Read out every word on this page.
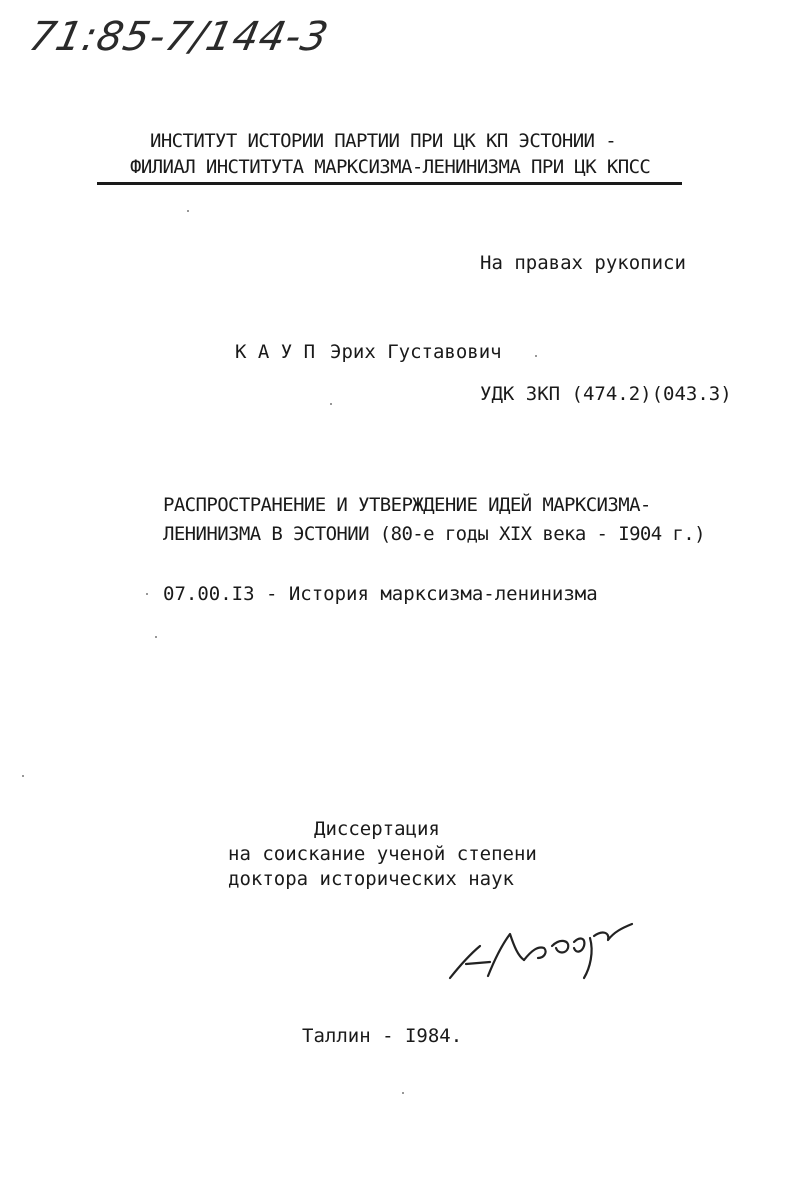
71:85-7/144-3
ИНСТИТУТ ИСТОРИИ ПАРТИИ ПРИ ЦК КП ЭСТОНИИ -
ФИЛИАЛ ИНСТИТУТА МАРКСИЗМА-ЛЕНИНИЗМА ПРИ ЦК КПСС
На правах рукописи
К А У П Эрих Густавович
УДК ЗКП (474.2)(043.3)
РАСПРОСТРАНЕНИЕ И УТВЕРЖДЕНИЕ ИДЕЙ МАРКСИЗМА-
ЛЕНИНИЗМА В ЭСТОНИИ (80-е годы XIX века - I904 г.)
07.00.I3 - История марксизма-ленинизма
Диссертация
на соискание ученой степени
доктора исторических наук
Таллин - I984.
